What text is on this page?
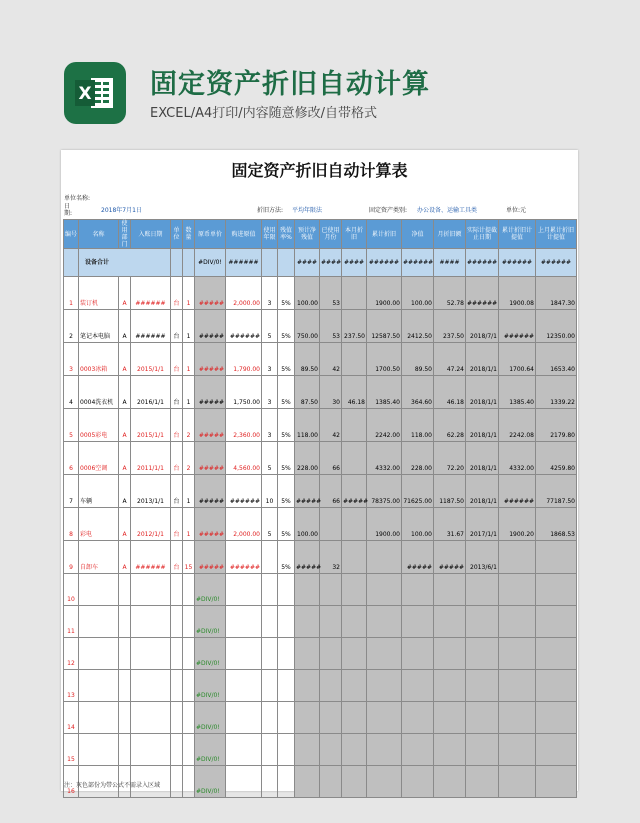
X 固定资产折旧自动计算
EXCEL/A4打印/内容随意修改/自带格式
固定资产折旧自动计算表
单位名称:
日
期:	2018年7月1日	折旧方法: 平均年限法	固定资产类别: 办公设备、运输工具类	单位:元
编号	名称	使用部门	入账日期	单位	数量	原币单价	购进原值	使用年限	残值率%	预计净残值	已使用月份	本月折旧	累计折旧	净值	月折旧额	实际计提截止日期	累计折旧计提值	上月累计折旧计提值
	设备合计					#DIV/0!	######			####	####	####	######	######	####	######	######	######
1	装订机	A	######	台	1	#####	2,000.00	3	5%	100.00	53		1900.00	100.00	52.78	######	1900.08	1847.30
2	笔记本电脑	A	######	台	1	#####	######	5	5%	750.00	53	237.50	12587.50	2412.50	237.50	2018/7/1	######	12350.00
3	0003冰箱	A	2015/1/1	台	1	#####	1,790.00	3	5%	89.50	42		1700.50	89.50	47.24	2018/1/1	1700.64	1653.40
4	0004洗衣机	A	2016/1/1	台	1	#####	1,750.00	3	5%	87.50	30	46.18	1385.40	364.60	46.18	2018/1/1	1385.40	1339.22
5	0005彩电	A	2015/1/1	台	2	#####	2,360.00	3	5%	118.00	42		2242.00	118.00	62.28	2018/1/1	2242.08	2179.80
6	0006空调	A	2011/1/1	台	2	#####	4,560.00	5	5%	228.00	66		4332.00	228.00	72.20	2018/1/1	4332.00	4259.80
7	车辆	A	2013/1/1	台	1	#####	######	10	5%	#####	66	#####	78375.00	71625.00	1187.50	2018/1/1	######	77187.50
8	彩电	A	2012/1/1	台	1	#####	2,000.00	5	5%	100.00			1900.00	100.00	31.67	2017/1/1	1900.20	1868.53
9	自卸车	A	######	台	15	#####	######		5%	#####	32			#####	#####	2013/6/1		
10						#DIV/0!												
11						#DIV/0!												
12						#DIV/0!												
13						#DIV/0!												
14						#DIV/0!												
15						#DIV/0!												
16						#DIV/0!												
注：灰色部份为带公式不需录入区域
